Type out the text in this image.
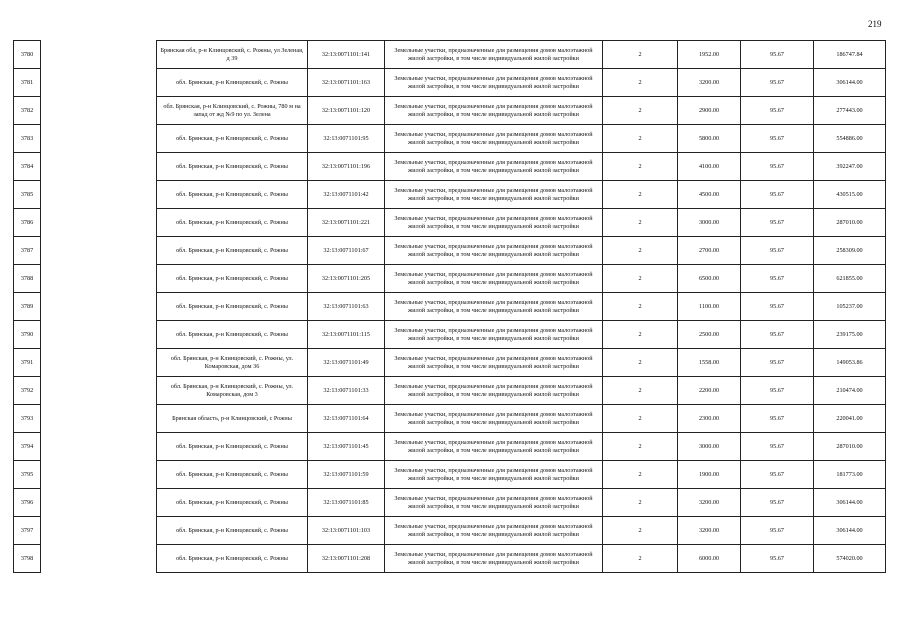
219
3780		Брянская обл, р-н Клинцовский, с. Рожны, ул Зеленая, д 39	32:13:0071101:141	Земельные участки, предназначенные для размещения домов малоэтажной жилой застройки, в том числе индивидуальной жилой застройки	2	1952.00	95.67	186747.84
3781		обл. Брянская, р-н Клинцовский, с. Рожны	32:13:0071101:163	Земельные участки, предназначенные для размещения домов малоэтажной жилой застройки, в том числе индивидуальной жилой застройки	2	3200.00	95.67	306144.00
3782		обл. Брянская, р-н Клинцовский, с. Рожны, 780 м на запад от жд №9 по ул. Зелена	32:13:0071101:120	Земельные участки, предназначенные для размещения домов малоэтажной жилой застройки, в том числе индивидуальной жилой застройки	2	2900.00	95.67	277443.00
3783		обл. Брянская, р-н Клинцовский, с. Рожны	32:13:0071101:95	Земельные участки, предназначенные для размещения домов малоэтажной жилой застройки, в том числе индивидуальной жилой застройки	2	5800.00	95.67	554886.00
3784		обл. Брянская, р-н Клинцовский, с. Рожны	32:13:0071101:196	Земельные участки, предназначенные для размещения домов малоэтажной жилой застройки, в том числе индивидуальной жилой застройки	2	4100.00	95.67	392247.00
3785		обл. Брянская, р-н Клинцовский, с. Рожны	32:13:0071101:42	Земельные участки, предназначенные для размещения домов малоэтажной жилой застройки, в том числе индивидуальной жилой застройки	2	4500.00	95.67	430515.00
3786		обл. Брянская, р-н Клинцовский, с. Рожны	32:13:0071101:221	Земельные участки, предназначенные для размещения домов малоэтажной жилой застройки, в том числе индивидуальной жилой застройки	2	3000.00	95.67	287010.00
3787		обл. Брянская, р-н Клинцовский, с. Рожны	32:13:0071101:67	Земельные участки, предназначенные для размещения домов малоэтажной жилой застройки, в том числе индивидуальной жилой застройки	2	2700.00	95.67	258309.00
3788		обл. Брянская, р-н Клинцовский, с. Рожны	32:13:0071101:205	Земельные участки, предназначенные для размещения домов малоэтажной жилой застройки, в том числе индивидуальной жилой застройки	2	6500.00	95.67	621855.00
3789		обл. Брянская, р-н Клинцовский, с. Рожны	32:13:0071101:63	Земельные участки, предназначенные для размещения домов малоэтажной жилой застройки, в том числе индивидуальной жилой застройки	2	1100.00	95.67	105237.00
3790		обл. Брянская, р-н Клинцовский, с. Рожны	32:13:0071101:115	Земельные участки, предназначенные для размещения домов малоэтажной жилой застройки, в том числе индивидуальной жилой застройки	2	2500.00	95.67	239175.00
3791		обл. Брянская, р-н Клинцовский, с. Рожны, ул. Комаровская, дом 36	32:13:0071101:49	Земельные участки, предназначенные для размещения домов малоэтажной жилой застройки, в том числе индивидуальной жилой застройки	2	1558.00	95.67	149053.86
3792		обл. Брянская, р-н Клинцовский, с. Рожны, ул. Комаровская, дом 3	32:13:0071101:33	Земельные участки, предназначенные для размещения домов малоэтажной жилой застройки, в том числе индивидуальной жилой застройки	2	2200.00	95.67	210474.00
3793		Брянская область, р-н Клинцовский, с Рожны	32:13:0071101:64	Земельные участки, предназначенные для размещения домов малоэтажной жилой застройки, в том числе индивидуальной жилой застройки	2	2300.00	95.67	220041.00
3794		обл. Брянская, р-н Клинцовский, с. Рожны	32:13:0071101:45	Земельные участки, предназначенные для размещения домов малоэтажной жилой застройки, в том числе индивидуальной жилой застройки	2	3000.00	95.67	287010.00
3795		обл. Брянская, р-н Клинцовский, с. Рожны	32:13:0071101:59	Земельные участки, предназначенные для размещения домов малоэтажной жилой застройки, в том числе индивидуальной жилой застройки	2	1900.00	95.67	181773.00
3796		обл. Брянская, р-н Клинцовский, с. Рожны	32:13:0071101:85	Земельные участки, предназначенные для размещения домов малоэтажной жилой застройки, в том числе индивидуальной жилой застройки	2	3200.00	95.67	306144.00
3797		обл. Брянская, р-н Клинцовский, с. Рожны	32:13:0071101:103	Земельные участки, предназначенные для размещения домов малоэтажной жилой застройки, в том числе индивидуальной жилой застройки	2	3200.00	95.67	306144.00
3798		обл. Брянская, р-н Клинцовский, с. Рожны	32:13:0071101:208	Земельные участки, предназначенные для размещения домов малоэтажной жилой застройки, в том числе индивидуальной жилой застройки	2	6000.00	95.67	574020.00
